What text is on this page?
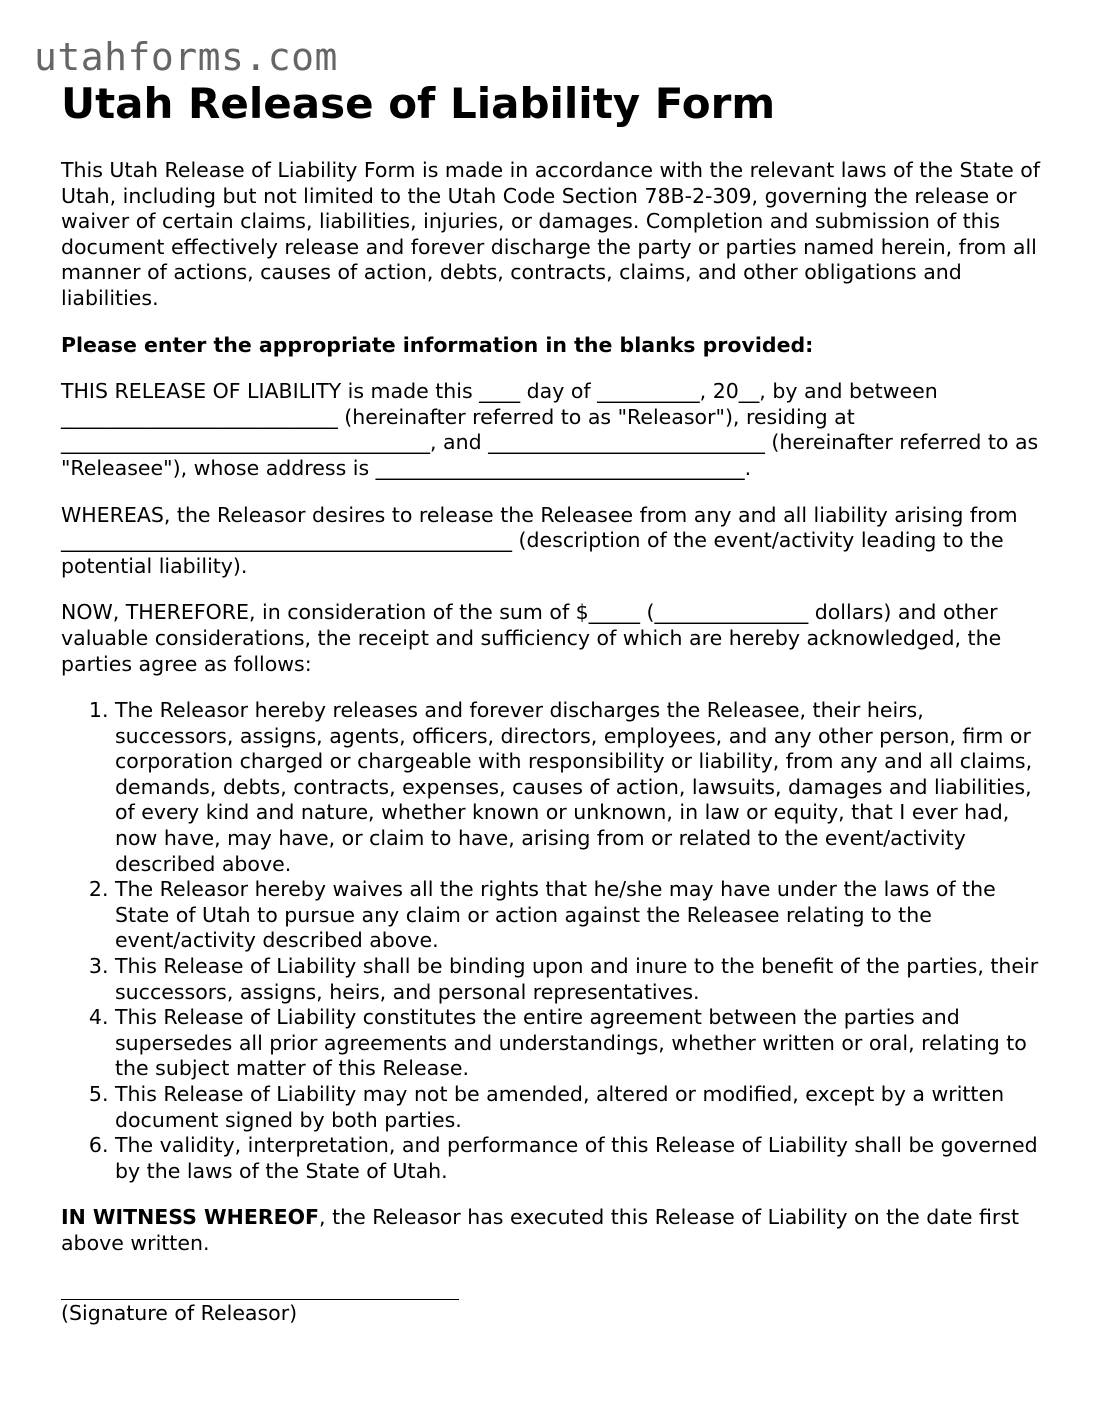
utahforms.com
Utah Release of Liability Form

This Utah Release of Liability Form is made in accordance with the relevant laws of the State of Utah, including but not limited to the Utah Code Section 78B-2-309, governing the release or waiver of certain claims, liabilities, injuries, or damages. Completion and submission of this document effectively release and forever discharge the party or parties named herein, from all manner of actions, causes of action, debts, contracts, claims, and other obligations and liabilities.

Please enter the appropriate information in the blanks provided:

THIS RELEASE OF LIABILITY is made this ____ day of __________, 20__, by and between ___________________________ (hereinafter referred to as "Releasor"), residing at ____________________________________, and ___________________________ (hereinafter referred to as "Releasee"), whose address is ____________________________________.

WHEREAS, the Releasor desires to release the Releasee from any and all liability arising from ____________________________________________ (description of the event/activity leading to the potential liability).

NOW, THEREFORE, in consideration of the sum of $_____ (_______________ dollars) and other valuable considerations, the receipt and sufficiency of which are hereby acknowledged, the parties agree as follows:

1. The Releasor hereby releases and forever discharges the Releasee, their heirs, successors, assigns, agents, officers, directors, employees, and any other person, firm or corporation charged or chargeable with responsibility or liability, from any and all claims, demands, debts, contracts, expenses, causes of action, lawsuits, damages and liabilities, of every kind and nature, whether known or unknown, in law or equity, that I ever had, now have, may have, or claim to have, arising from or related to the event/activity described above.
2. The Releasor hereby waives all the rights that he/she may have under the laws of the State of Utah to pursue any claim or action against the Releasee relating to the event/activity described above.
3. This Release of Liability shall be binding upon and inure to the benefit of the parties, their successors, assigns, heirs, and personal representatives.
4. This Release of Liability constitutes the entire agreement between the parties and supersedes all prior agreements and understandings, whether written or oral, relating to the subject matter of this Release.
5. This Release of Liability may not be amended, altered or modified, except by a written document signed by both parties.
6. The validity, interpretation, and performance of this Release of Liability shall be governed by the laws of the State of Utah.

IN WITNESS WHEREOF, the Releasor has executed this Release of Liability on the date first above written.

(Signature of Releasor)
